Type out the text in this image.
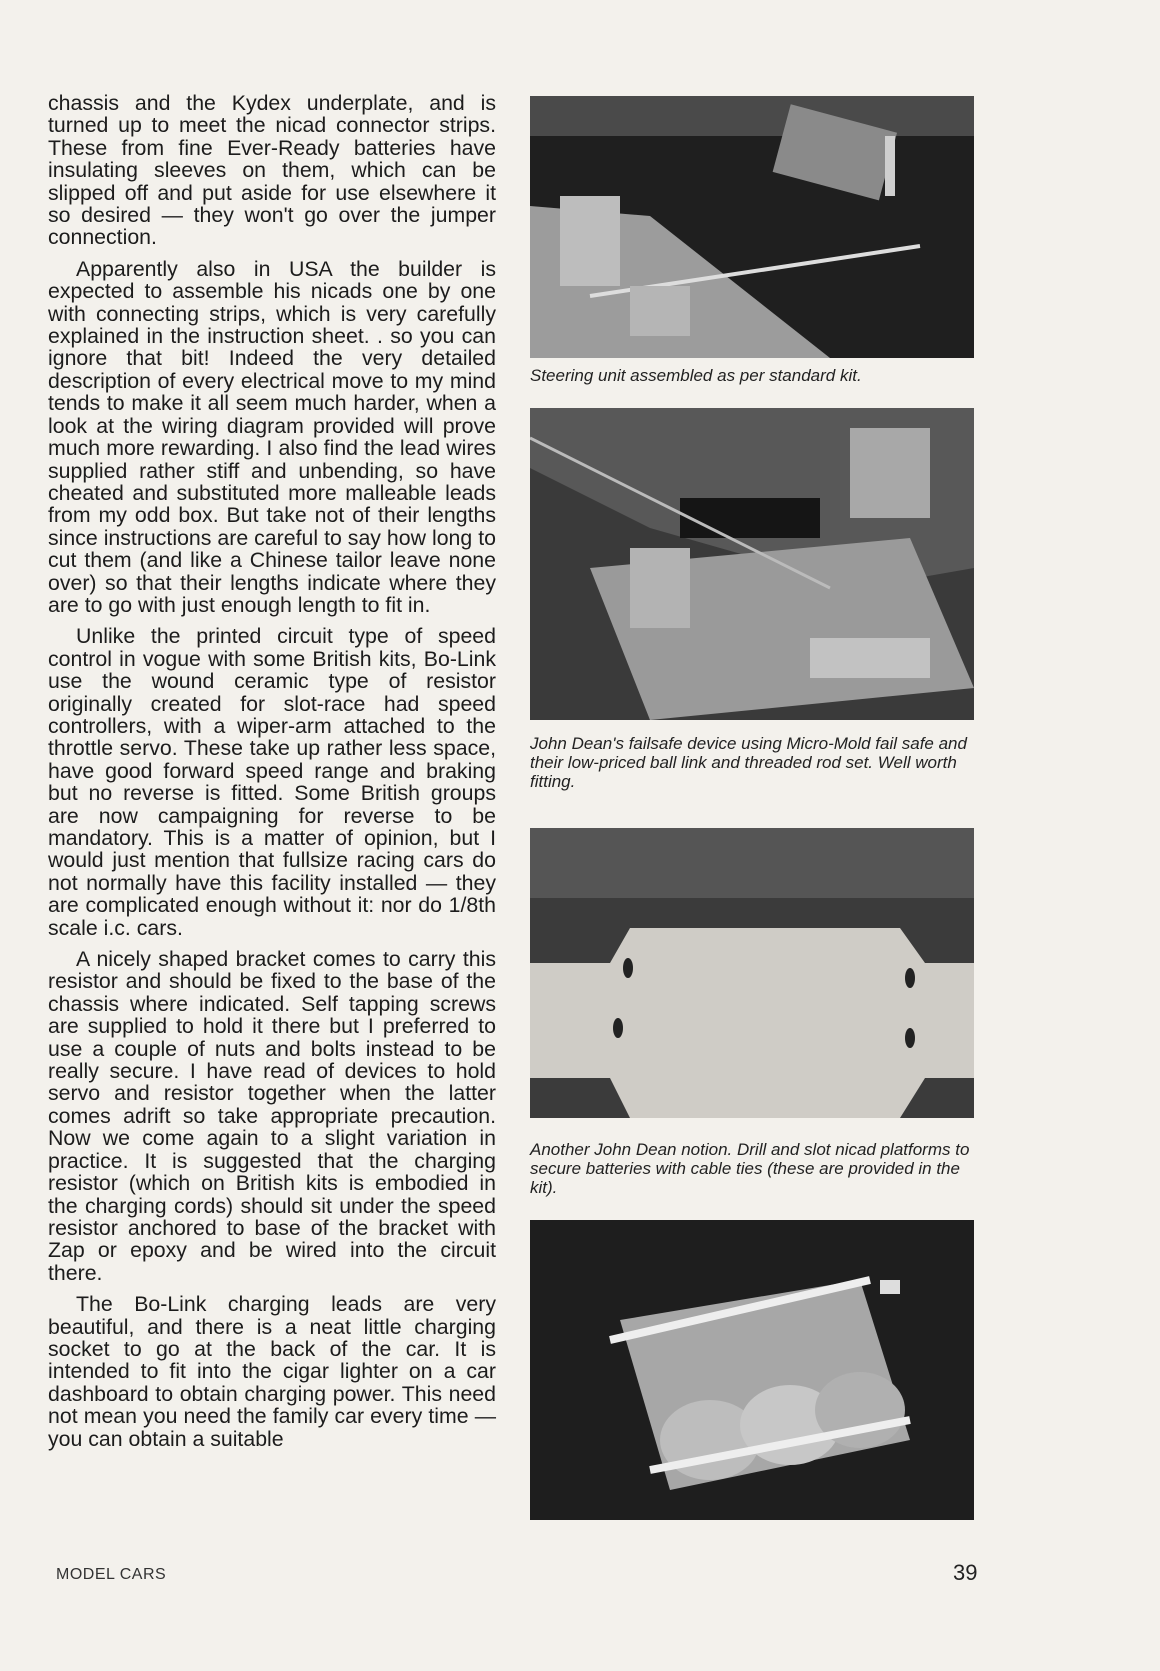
chassis and the Kydex underplate, and is turned up to meet the nicad connector strips. These from fine Ever-Ready batteries have insulating sleeves on them, which can be slipped off and put aside for use elsewhere it so desired — they won't go over the jumper connection.

Apparently also in USA the builder is expected to assemble his nicads one by one with connecting strips, which is very carefully explained in the instruction sheet. . so you can ignore that bit! Indeed the very detailed description of every electrical move to my mind tends to make it all seem much harder, when a look at the wiring diagram provided will prove much more rewarding. I also find the lead wires supplied rather stiff and unbending, so have cheated and substituted more malleable leads from my odd box. But take not of their lengths since instructions are careful to say how long to cut them (and like a Chinese tailor leave none over) so that their lengths indicate where they are to go with just enough length to fit in.

Unlike the printed circuit type of speed control in vogue with some British kits, Bo-Link use the wound ceramic type of resistor originally created for slot-race had speed controllers, with a wiper-arm attached to the throttle servo. These take up rather less space, have good forward speed range and braking but no reverse is fitted. Some British groups are now campaigning for reverse to be mandatory. This is a matter of opinion, but I would just mention that fullsize racing cars do not normally have this facility installed — they are complicated enough without it: nor do 1/8th scale i.c. cars.

A nicely shaped bracket comes to carry this resistor and should be fixed to the base of the chassis where indicated. Self tapping screws are supplied to hold it there but I preferred to use a couple of nuts and bolts instead to be really secure. I have read of devices to hold servo and resistor together when the latter comes adrift so take appropriate precaution. Now we come again to a slight variation in practice. It is suggested that the charging resistor (which on British kits is embodied in the charging cords) should sit under the speed resistor anchored to base of the bracket with Zap or epoxy and be wired into the circuit there.

The Bo-Link charging leads are very beautiful, and there is a neat little charging socket to go at the back of the car. It is intended to fit into the cigar lighter on a car dashboard to obtain charging power. This need not mean you need the family car every time — you can obtain a suitable

Steering unit assembled as per standard kit.
John Dean's failsafe device using Micro-Mold fail safe and their low-priced ball link and threaded rod set. Well worth fitting.
Another John Dean notion. Drill and slot nicad platforms to secure batteries with cable ties (these are provided in the kit).
MODEL CARS	39
